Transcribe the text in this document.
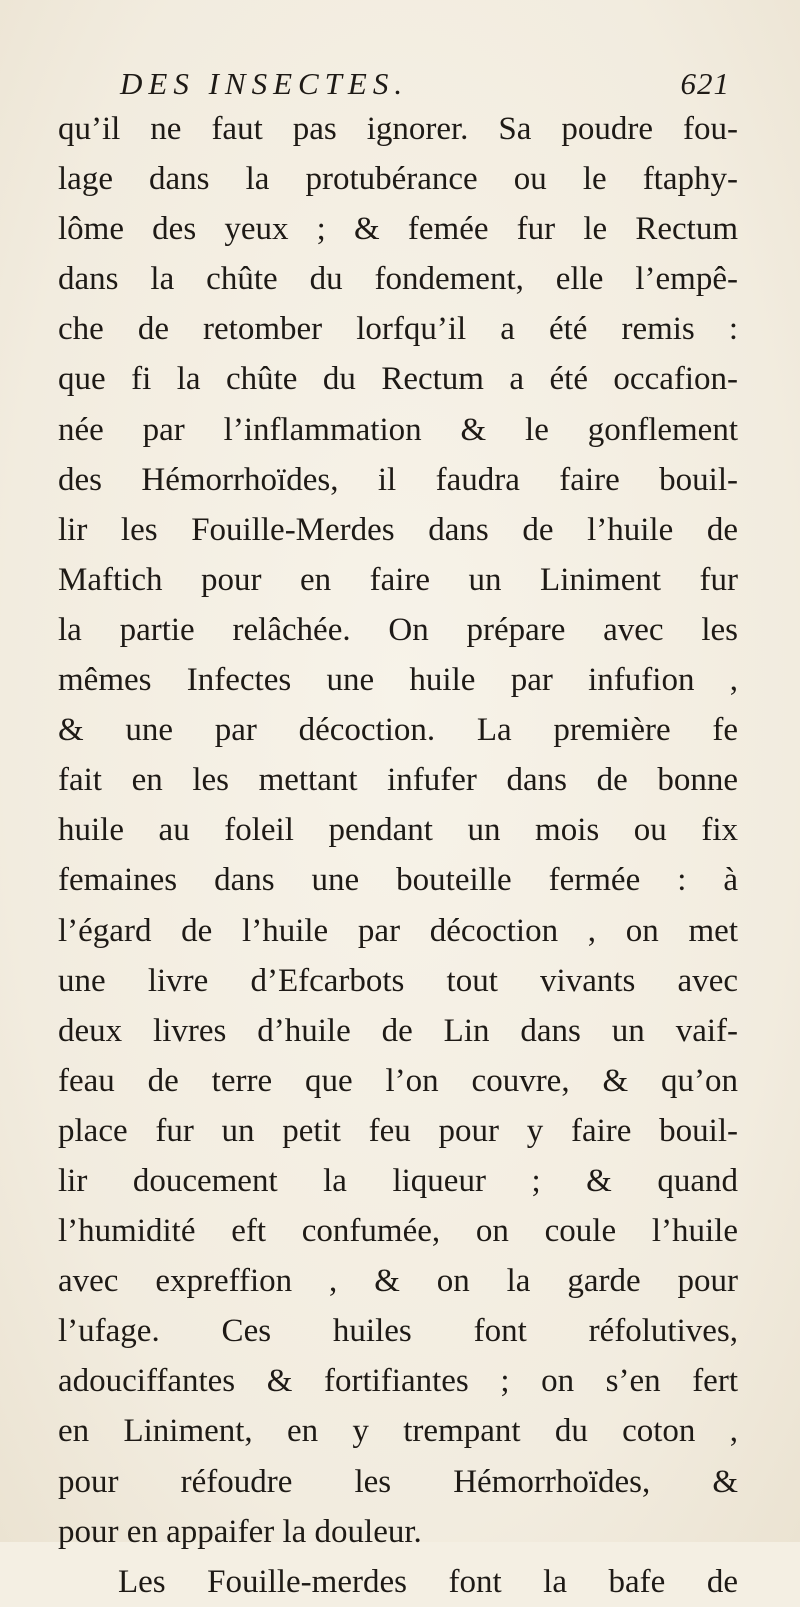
DES INSECTES.	621
qu’il ne faut pas ignorer. Sa poudre fou-
lage dans la protubérance ou le ftaphy-
lôme des yeux ; & femée fur le Rectum
dans la chûte du fondement, elle l’empê-
che de retomber lorfqu’il a été remis :
que fi la chûte du Rectum a été occafion-
née par l’inflammation & le gonflement
des Hémorrhoïdes, il faudra faire bouil-
lir les Fouille-Merdes dans de l’huile de
Maftich pour en faire un Liniment fur
la partie relâchée. On prépare avec les
mêmes Infectes une huile par infufion ,
& une par décoction. La première fe
fait en les mettant infufer dans de bonne
huile au foleil pendant un mois ou fix
femaines dans une bouteille fermée : à
l’égard de l’huile par décoction , on met
une livre d’Efcarbots tout vivants avec
deux livres d’huile de Lin dans un vaif-
feau de terre que l’on couvre, & qu’on
place fur un petit feu pour y faire bouil-
lir doucement la liqueur ; & quand
l’humidité eft confumée, on coule l’huile
avec expreffion , & on la garde pour
l’ufage. Ces huiles font réfolutives,
adouciffantes & fortifiantes ; on s’en fert
en Liniment, en y trempant du coton ,
pour réfoudre les Hémorrhoïdes, &
pour en appaifer la douleur.
Les Fouille-merdes font la bafe de
